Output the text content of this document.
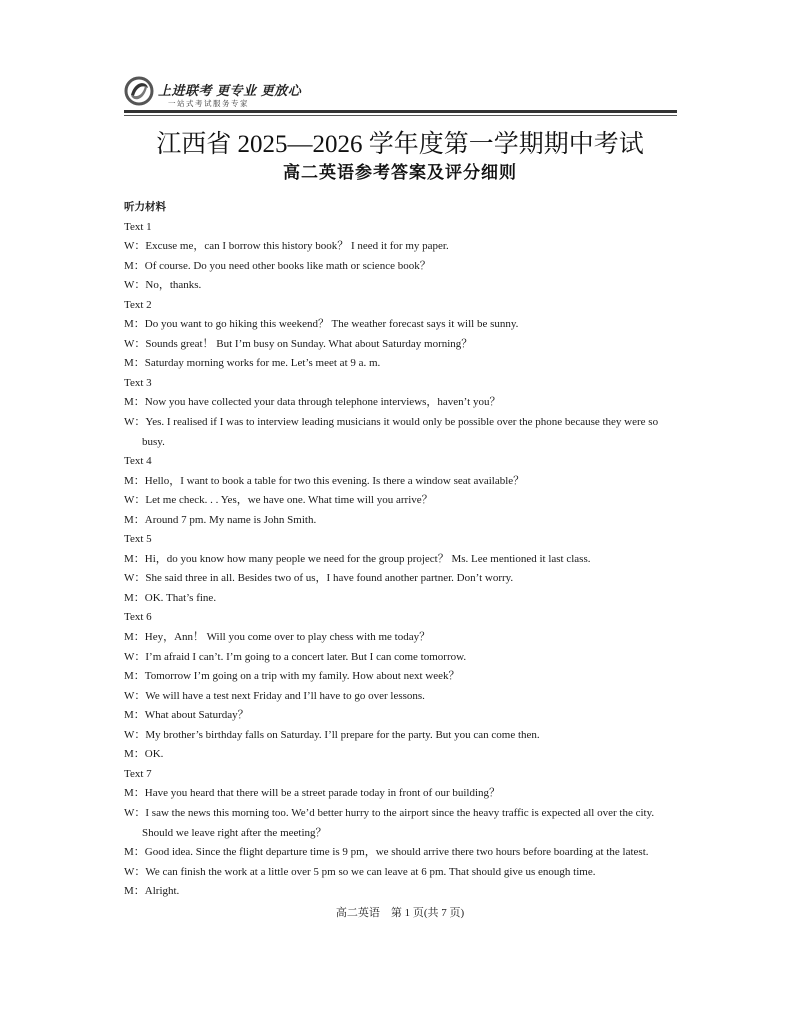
上进联考 更专业 更放心
一站式考试服务专家
江西省 2025—2026 学年度第一学期期中考试
高二英语参考答案及评分细则
听力材料
Text 1
W：Excuse me，can I borrow this history book？ I need it for my paper.
M：Of course. Do you need other books like math or science book？
W：No，thanks.
Text 2
M：Do you want to go hiking this weekend？ The weather forecast says it will be sunny.
W：Sounds great！ But I’m busy on Sunday. What about Saturday morning？
M：Saturday morning works for me. Let’s meet at 9 a. m.
Text 3
M：Now you have collected your data through telephone interviews，haven’t you？
W：Yes. I realised if I was to interview leading musicians it would only be possible over the phone because they were so
busy.
Text 4
M：Hello，I want to book a table for two this evening. Is there a window seat available？
W：Let me check. . . Yes，we have one. What time will you arrive？
M：Around 7 pm. My name is John Smith.
Text 5
M：Hi，do you know how many people we need for the group project？ Ms. Lee mentioned it last class.
W：She said three in all. Besides two of us，I have found another partner. Don’t worry.
M：OK. That’s fine.
Text 6
M：Hey，Ann！ Will you come over to play chess with me today？
W：I’m afraid I can’t. I’m going to a concert later. But I can come tomorrow.
M：Tomorrow I’m going on a trip with my family. How about next week？
W：We will have a test next Friday and I’ll have to go over lessons.
M：What about Saturday？
W：My brother’s birthday falls on Saturday. I’ll prepare for the party. But you can come then.
M：OK.
Text 7
M：Have you heard that there will be a street parade today in front of our building？
W：I saw the news this morning too. We’d better hurry to the airport since the heavy traffic is expected all over the city.
Should we leave right after the meeting？
M：Good idea. Since the flight departure time is 9 pm，we should arrive there two hours before boarding at the latest.
W：We can finish the work at a little over 5 pm so we can leave at 6 pm. That should give us enough time.
M：Alright.
高二英语　第 1 页(共 7 页)
